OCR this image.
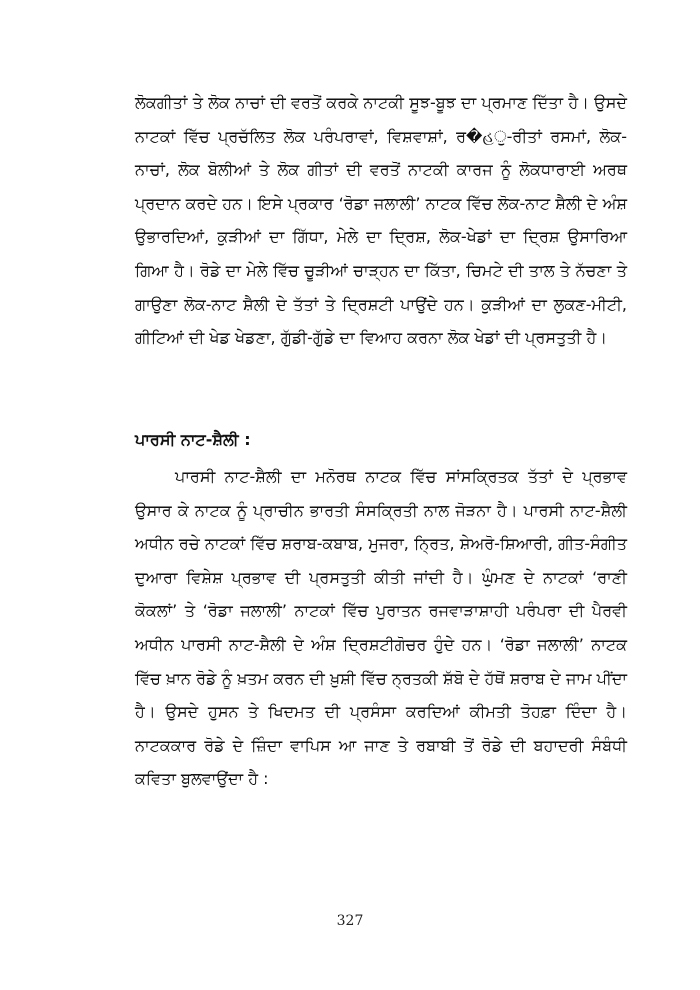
ਲੋਕਗੀਤਾਂ ਤੇ ਲੋਕ ਨਾਚਾਂ ਦੀ ਵਰਤੋਂ ਕਰਕੇ ਨਾਟਕੀ ਸੂਝ-ਬੂਝ ਦਾ ਪ੍ਰਮਾਣ ਦਿੱਤਾ ਹੈ। ਉਸਦੇ ਨਾਟਕਾਂ ਵਿੱਚ ਪ੍ਰਚੱਲਿਤ ਲੋਕ ਪਰੰਪਰਾਵਾਂ, ਵਿਸ਼ਵਾਸ਼ਾਂ, ਰ�હੁ-ਰੀਤਾਂ ਰਸਮਾਂ, ਲੋਕ-ਨਾਚਾਂ, ਲੋਕ ਬੋਲੀਆਂ ਤੇ ਲੋਕ ਗੀਤਾਂ ਦੀ ਵਰਤੋਂ ਨਾਟਕੀ ਕਾਰਜ ਨੂੰ ਲੋਕਧਾਰਾਈ ਅਰਥ ਪ੍ਰਦਾਨ ਕਰਦੇ ਹਨ। ਇਸੇ ਪ੍ਰਕਾਰ ‘ਰੋਡਾ ਜਲਾਲੀ’ ਨਾਟਕ ਵਿੱਚ ਲੋਕ-ਨਾਟ ਸ਼ੈਲੀ ਦੇ ਅੰਸ਼ ਉਭਾਰਦਿਆਂ, ਕੁੜੀਆਂ ਦਾ ਗਿੱਧਾ, ਮੇਲੇ ਦਾ ਦ੍ਰਿਸ਼, ਲੋਕ-ਖੇਡਾਂ ਦਾ ਦ੍ਰਿਸ਼ ਉਸਾਰਿਆ ਗਿਆ ਹੈ। ਰੋਡੇ ਦਾ ਮੇਲੇ ਵਿੱਚ ਚੂੜੀਆਂ ਚਾੜ੍ਹਨ ਦਾ ਕਿੱਤਾ, ਚਿਮਟੇ ਦੀ ਤਾਲ ਤੇ ਨੱਚਣਾ ਤੇ ਗਾਉਣਾ ਲੋਕ-ਨਾਟ ਸ਼ੈਲੀ ਦੇ ਤੱਤਾਂ ਤੇ ਦ੍ਰਿਸ਼ਟੀ ਪਾਉਂਦੇ ਹਨ। ਕੁੜੀਆਂ ਦਾ ਲੁਕਣ-ਮੀਟੀ, ਗੀਟਿਆਂ ਦੀ ਖੇਡ ਖੇਡਣਾ, ਗੁੱਡੀ-ਗੁੱਡੇ ਦਾ ਵਿਆਹ ਕਰਨਾ ਲੋਕ ਖੇਡਾਂ ਦੀ ਪ੍ਰਸਤੁਤੀ ਹੈ।

ਪਾਰਸੀ ਨਾਟ-ਸ਼ੈਲੀ :

ਪਾਰਸੀ ਨਾਟ-ਸ਼ੈਲੀ ਦਾ ਮਨੋਰਥ ਨਾਟਕ ਵਿੱਚ ਸਾਂਸਕ੍ਰਿਤਕ ਤੱਤਾਂ ਦੇ ਪ੍ਰਭਾਵ ਉਸਾਰ ਕੇ ਨਾਟਕ ਨੂੰ ਪ੍ਰਾਚੀਨ ਭਾਰਤੀ ਸੰਸਕ੍ਰਿਤੀ ਨਾਲ ਜੋੜਨਾ ਹੈ। ਪਾਰਸੀ ਨਾਟ-ਸ਼ੈਲੀ ਅਧੀਨ ਰਚੇ ਨਾਟਕਾਂ ਵਿੱਚ ਸ਼ਰਾਬ-ਕਬਾਬ, ਮੁਜਰਾ, ਨ੍ਰਿਤ, ਸ਼ੇਅਰੋ-ਸ਼ਿਆਰੀ, ਗੀਤ-ਸੰਗੀਤ ਦੁਆਰਾ ਵਿਸ਼ੇਸ਼ ਪ੍ਰਭਾਵ ਦੀ ਪ੍ਰਸਤੁਤੀ ਕੀਤੀ ਜਾਂਦੀ ਹੈ। ਘੁੰਮਣ ਦੇ ਨਾਟਕਾਂ ‘ਰਾਣੀ ਕੋਕਲਾਂ’ ਤੇ ‘ਰੋਡਾ ਜਲਾਲੀ’ ਨਾਟਕਾਂ ਵਿੱਚ ਪੁਰਾਤਨ ਰਜਵਾੜਾਸ਼ਾਹੀ ਪਰੰਪਰਾ ਦੀ ਪੈਰਵੀ ਅਧੀਨ ਪਾਰਸੀ ਨਾਟ-ਸ਼ੈਲੀ ਦੇ ਅੰਸ਼ ਦ੍ਰਿਸ਼ਟੀਗੋਚਰ ਹੁੰਦੇ ਹਨ। ‘ਰੋਡਾ ਜਲਾਲੀ’ ਨਾਟਕ ਵਿੱਚ ਖ਼ਾਨ ਰੋਡੇ ਨੂੰ ਖ਼ਤਮ ਕਰਨ ਦੀ ਖ਼ੁਸ਼ੀ ਵਿੱਚ ਨ੍ਰਤਕੀ ਸ਼ੱਬੋ ਦੇ ਹੱਥੋਂ ਸ਼ਰਾਬ ਦੇ ਜਾਮ ਪੀਂਦਾ ਹੈ। ਉਸਦੇ ਹੁਸਨ ਤੇ ਖਿਦਮਤ ਦੀ ਪ੍ਰਸੰਸਾ ਕਰਦਿਆਂ ਕੀਮਤੀ ਤੋਹਫ਼ਾ ਦਿੰਦਾ ਹੈ। ਨਾਟਕਕਾਰ ਰੋਡੇ ਦੇ ਜ਼ਿੰਦਾ ਵਾਪਿਸ ਆ ਜਾਣ ਤੇ ਰਬਾਬੀ ਤੋਂ ਰੋਡੇ ਦੀ ਬਹਾਦਰੀ ਸੰਬੰਧੀ ਕਵਿਤਾ ਬੁਲਵਾਉਂਦਾ ਹੈ :

327
